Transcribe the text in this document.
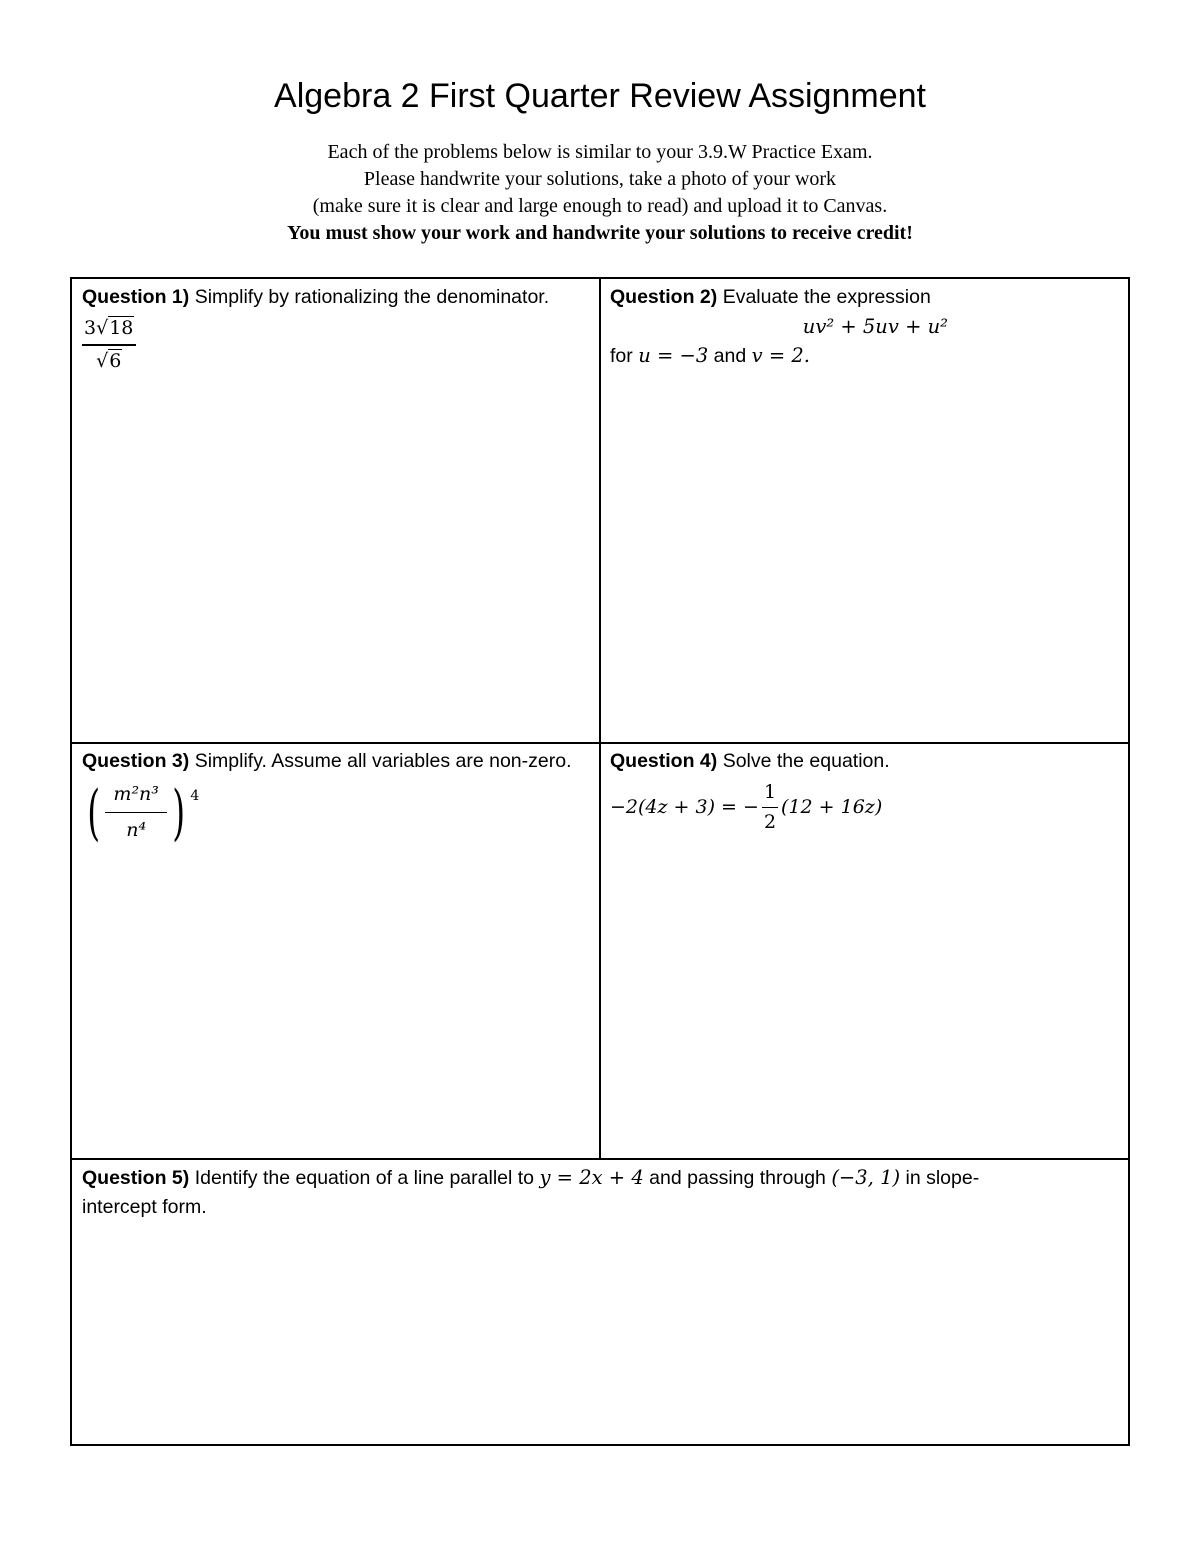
Algebra 2 First Quarter Review Assignment
Each of the problems below is similar to your 3.9.W Practice Exam.
Please handwrite your solutions, take a photo of your work
(make sure it is clear and large enough to read) and upload it to Canvas.
You must show your work and handwrite your solutions to receive credit!
Question 1) Simplify by rationalizing the denominator.
$\frac{3√18}{√6}$
Question 2) Evaluate the expression
uv² + 5uv + u²
for u = −3 and v = 2.
Question 3) Simplify. Assume all variables are non-zero.
( $\frac{\text{m²n³}}{\text{n⁴}}$ ) 4
Question 4) Solve the equation.
−2(4z + 3) = − $\frac{1}{2} (12 + 16z)$
Question 5) Identify the equation of a line parallel to y = 2x + 4 and passing through (−3, 1) in slope-intercept form.
